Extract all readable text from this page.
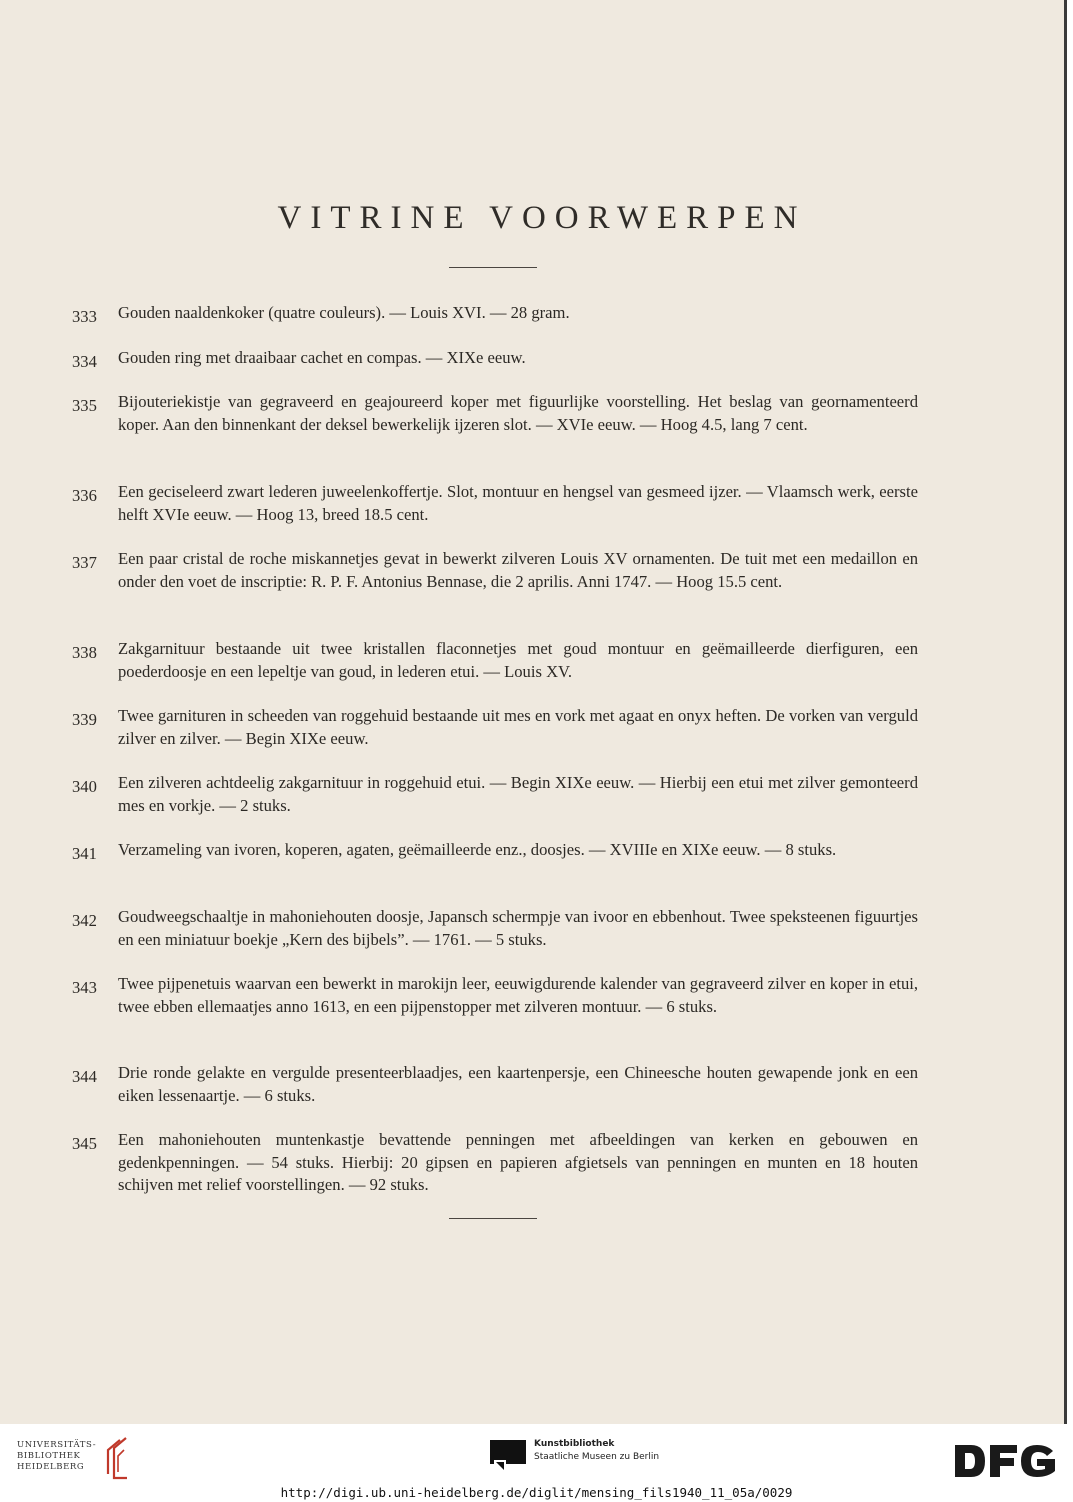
VITRINE VOORWERPEN
333	Gouden naaldenkoker (quatre couleurs). — Louis XVI. — 28 gram.
334	Gouden ring met draaibaar cachet en compas. — XIXe eeuw.
335	Bijouteriekistje van gegraveerd en geajoureerd koper met figuurlijke voorstelling. Het beslag van geornamenteerd koper. Aan den binnenkant der deksel bewerkelijk ijzeren slot. — XVIe eeuw. — Hoog 4.5, lang 7 cent.
336	Een geciseleerd zwart lederen juweelenkoffertje. Slot, montuur en hengsel van gesmeed ijzer. — Vlaamsch werk, eerste helft XVIe eeuw. — Hoog 13, breed 18.5 cent.
337	Een paar cristal de roche miskannetjes gevat in bewerkt zilveren Louis XV ornamenten. De tuit met een medaillon en onder den voet de inscriptie: R. P. F. Antonius Bennase, die 2 aprilis. Anni 1747. — Hoog 15.5 cent.
338	Zakgarnituur bestaande uit twee kristallen flaconnetjes met goud montuur en geëmailleerde dierfiguren, een poederdoosje en een lepeltje van goud, in lederen etui. — Louis XV.
339	Twee garnituren in scheeden van roggehuid bestaande uit mes en vork met agaat en onyx heften. De vorken van verguld zilver en zilver. — Begin XIXe eeuw.
340	Een zilveren achtdeelig zakgarnituur in roggehuid etui. — Begin XIXe eeuw. — Hierbij een etui met zilver gemonteerd mes en vorkje. — 2 stuks.
341	Verzameling van ivoren, koperen, agaten, geëmailleerde enz., doosjes. — XVIIIe en XIXe eeuw. — 8 stuks.
342	Goudweegschaaltje in mahoniehouten doosje, Japansch schermpje van ivoor en ebbenhout. Twee speksteenen figuurtjes en een miniatuur boekje „Kern des bijbels”. — 1761. — 5 stuks.
343	Twee pijpenetuis waarvan een bewerkt in marokijn leer, eeuwigdurende kalender van gegraveerd zilver en koper in etui, twee ebben ellemaatjes anno 1613, en een pijpenstopper met zilveren montuur. — 6 stuks.
344	Drie ronde gelakte en vergulde presenteerblaadjes, een kaartenpersje, een Chineesche houten gewapende jonk en een eiken lessenaartje. — 6 stuks.
345	Een mahoniehouten muntenkastje bevattende penningen met afbeeldingen van kerken en gebouwen en gedenkpenningen. — 54 stuks. Hierbij: 20 gipsen en papieren afgietsels van penningen en munten en 18 houten schijven met relief voorstellingen. — 92 stuks.
UNIVERSITÄTS-
BIBLIOTHEK
HEIDELBERG
Kunstbibliothek
Staatliche Museen zu Berlin
http://digi.ub.uni-heidelberg.de/diglit/mensing_fils1940_11_05a/0029
